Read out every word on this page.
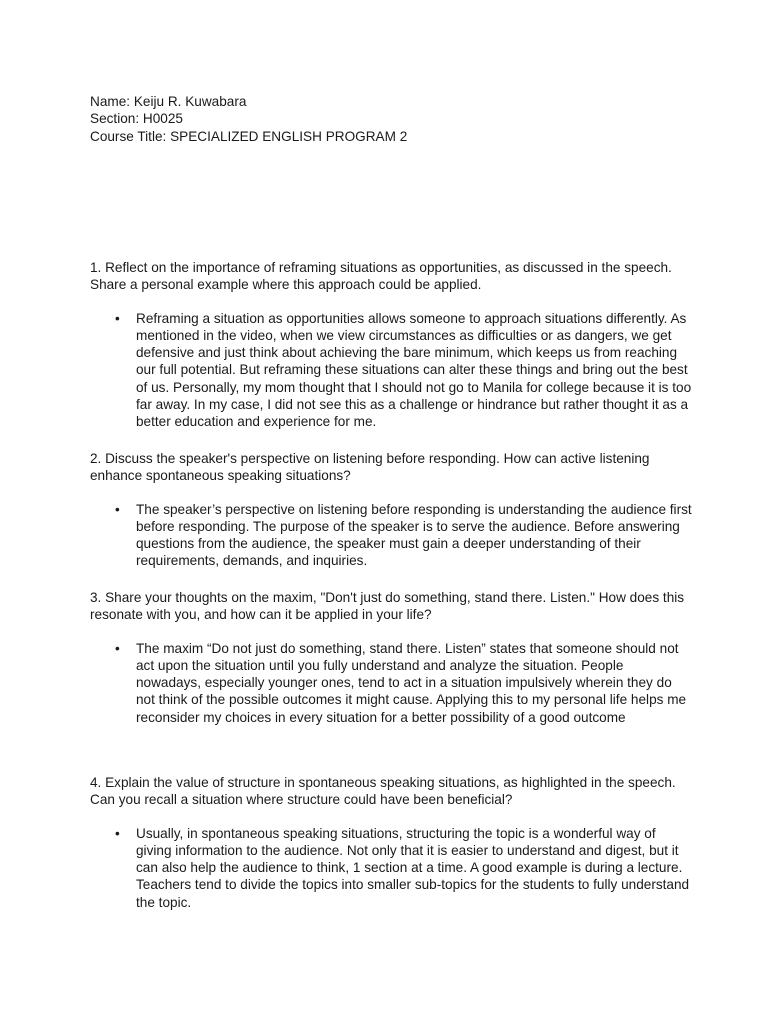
Name: Keiju R. Kuwabara
Section: H0025
Course Title: SPECIALIZED ENGLISH PROGRAM 2

1. Reflect on the importance of reframing situations as opportunities, as discussed in the speech. Share a personal example where this approach could be applied.

• Reframing a situation as opportunities allows someone to approach situations differently. As mentioned in the video, when we view circumstances as difficulties or as dangers, we get defensive and just think about achieving the bare minimum, which keeps us from reaching our full potential. But reframing these situations can alter these things and bring out the best of us. Personally, my mom thought that I should not go to Manila for college because it is too far away. In my case, I did not see this as a challenge or hindrance but rather thought it as a better education and experience for me.

2. Discuss the speaker's perspective on listening before responding. How can active listening enhance spontaneous speaking situations?

• The speaker’s perspective on listening before responding is understanding the audience first before responding. The purpose of the speaker is to serve the audience. Before answering questions from the audience, the speaker must gain a deeper understanding of their requirements, demands, and inquiries.

3. Share your thoughts on the maxim, "Don't just do something, stand there. Listen." How does this resonate with you, and how can it be applied in your life?

• The maxim “Do not just do something, stand there. Listen” states that someone should not act upon the situation until you fully understand and analyze the situation. People nowadays, especially younger ones, tend to act in a situation impulsively wherein they do not think of the possible outcomes it might cause. Applying this to my personal life helps me reconsider my choices in every situation for a better possibility of a good outcome

4. Explain the value of structure in spontaneous speaking situations, as highlighted in the speech. Can you recall a situation where structure could have been beneficial?

• Usually, in spontaneous speaking situations, structuring the topic is a wonderful way of giving information to the audience. Not only that it is easier to understand and digest, but it can also help the audience to think, 1 section at a time. A good example is during a lecture. Teachers tend to divide the topics into smaller sub-topics for the students to fully understand the topic.
